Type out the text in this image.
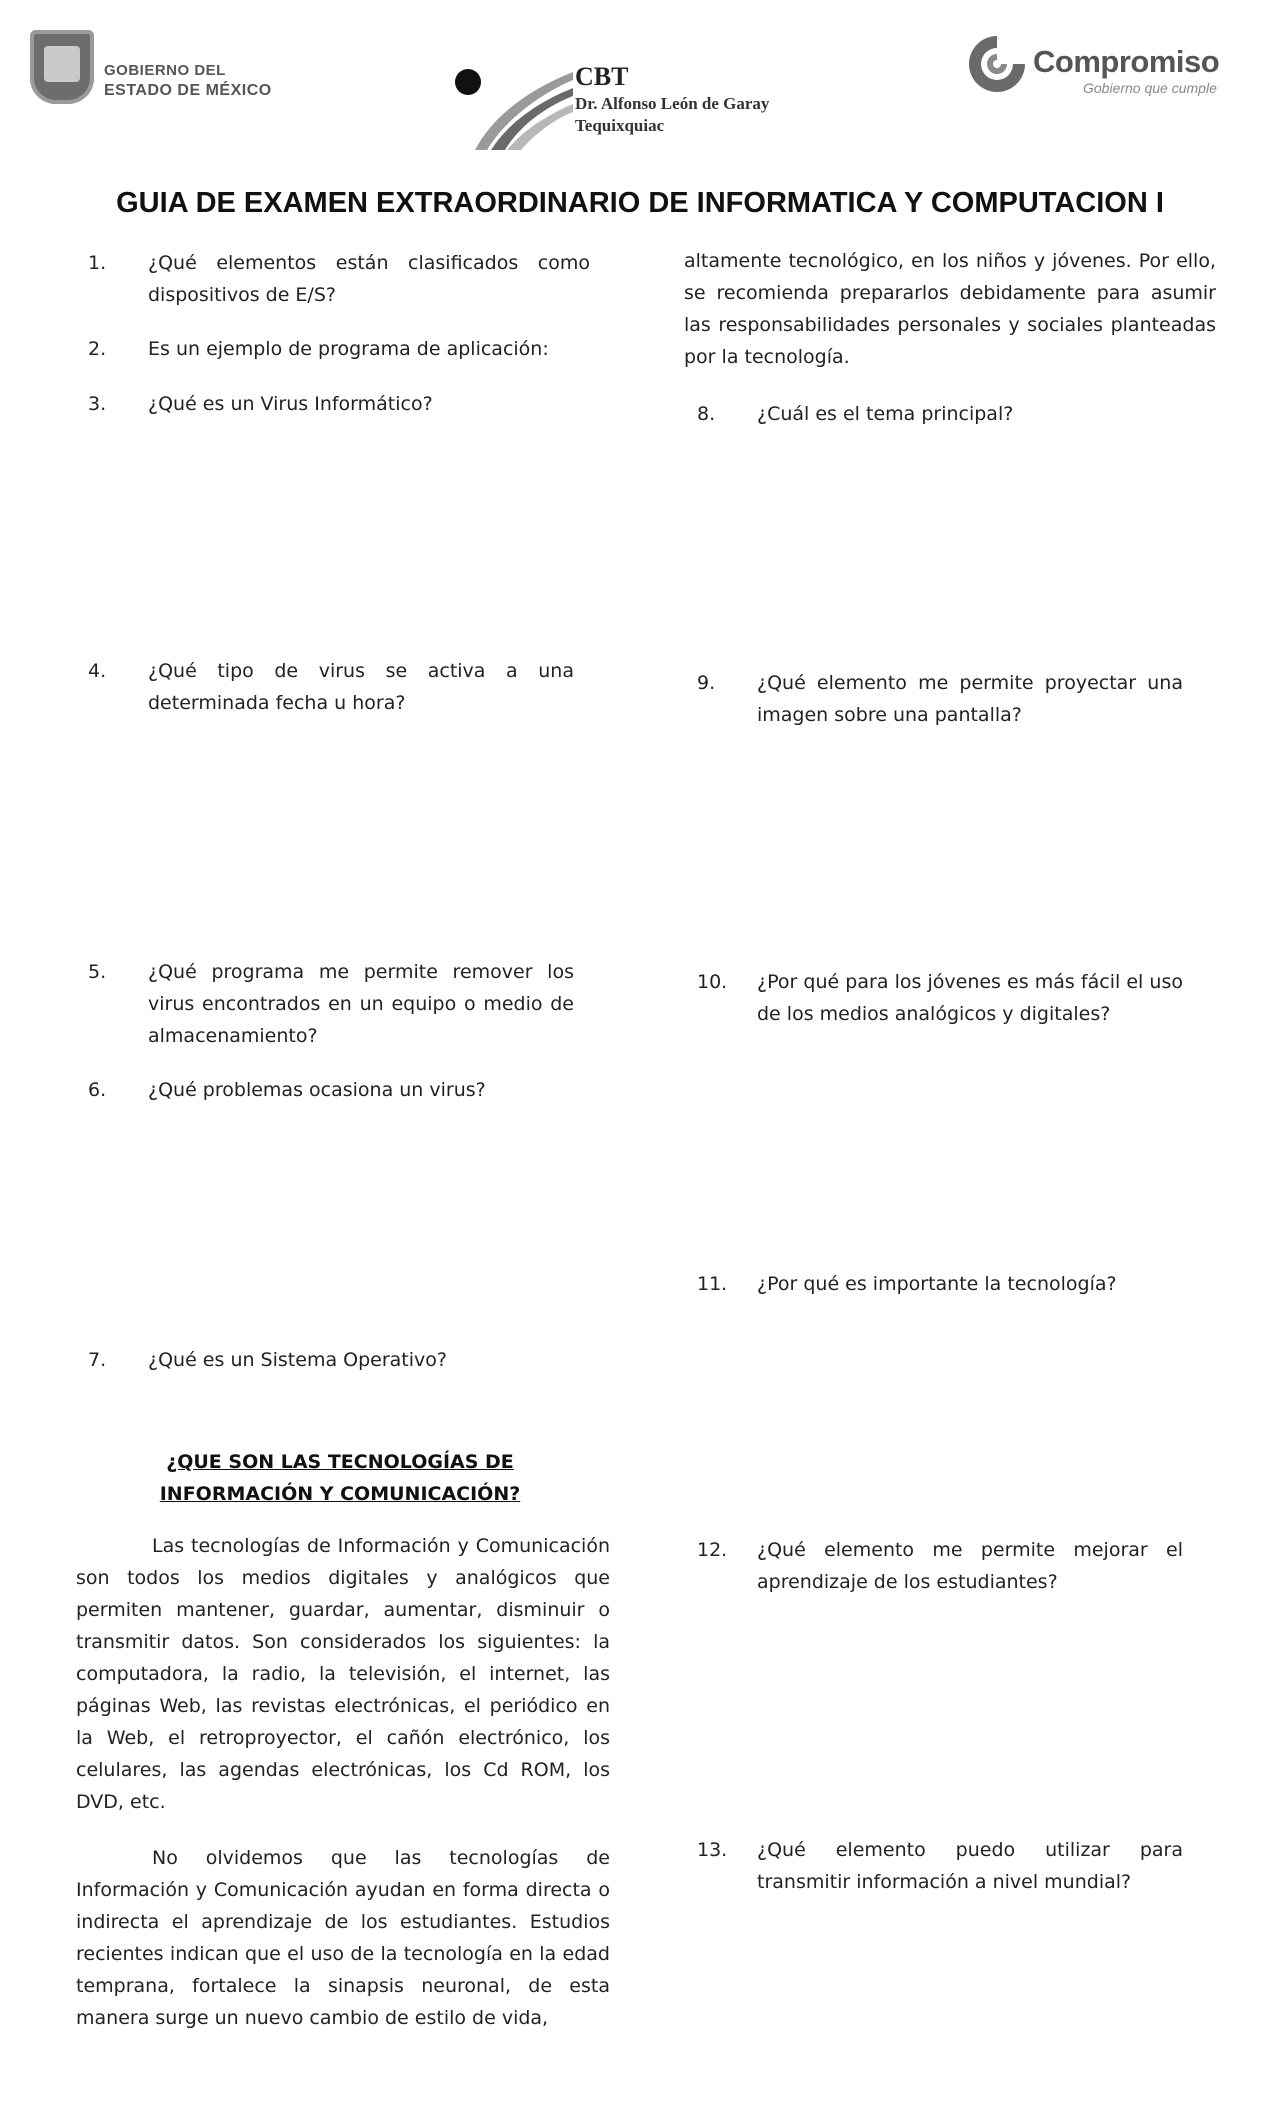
GOBIERNO DEL
ESTADO DE MÉXICO	CBT
Dr. Alfonso León de Garay
Tequixquiac
Compromiso
Gobierno que cumple
GUIA DE EXAMEN EXTRAORDINARIO DE INFORMATICA Y COMPUTACION I
1. ¿Qué elementos están clasificados como dispositivos de E/S?
2. Es un ejemplo de programa de aplicación:
3. ¿Qué es un Virus Informático?
4. ¿Qué tipo de virus se activa a una determinada fecha u hora?
5. ¿Qué programa me permite remover los virus encontrados en un equipo o medio de almacenamiento?
6. ¿Qué problemas ocasiona un virus?
7. ¿Qué es un Sistema Operativo?
altamente tecnológico, en los niños y jóvenes. Por ello, se recomienda prepararlos debidamente para asumir las responsabilidades personales y sociales planteadas por la tecnología.
8. ¿Cuál es el tema principal?
9. ¿Qué elemento me permite proyectar una imagen sobre una pantalla?
10. ¿Por qué para los jóvenes es más fácil el uso de los medios analógicos y digitales?
11. ¿Por qué es importante la tecnología?
12. ¿Qué elemento me permite mejorar el aprendizaje de los estudiantes?
13. ¿Qué elemento puedo utilizar para transmitir información a nivel mundial?
¿QUE SON LAS TECNOLOGÍAS DE INFORMACIÓN Y COMUNICACIÓN?
Las tecnologías de Información y Comunicación son todos los medios digitales y analógicos que permiten mantener, guardar, aumentar, disminuir o transmitir datos. Son considerados los siguientes: la computadora, la radio, la televisión, el internet, las páginas Web, las revistas electrónicas, el periódico en la Web, el retroproyector, el cañón electrónico, los celulares, las agendas electrónicas, los Cd ROM, los DVD, etc.
No olvidemos que las tecnologías de Información y Comunicación ayudan en forma directa o indirecta el aprendizaje de los estudiantes. Estudios recientes indican que el uso de la tecnología en la edad temprana, fortalece la sinapsis neuronal, de esta manera surge un nuevo cambio de estilo de vida,
